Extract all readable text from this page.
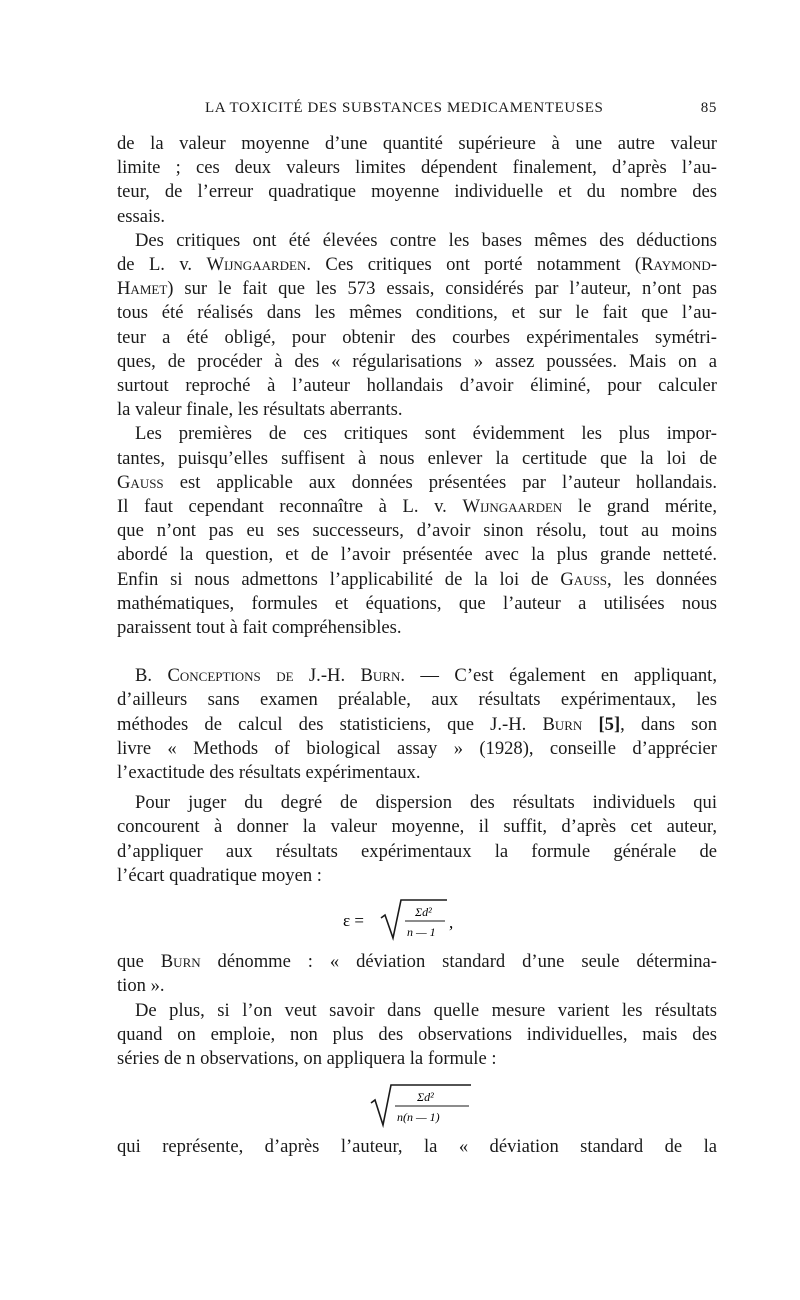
LA TOXICITÉ DES SUBSTANCES MEDICAMENTEUSES	85

de la valeur moyenne d’une quantité supérieure à une autre valeur
limite ; ces deux valeurs limites dépendent finalement, d’après l’au-
teur, de l’erreur quadratique moyenne individuelle et du nombre des
essais.

Des critiques ont été élevées contre les bases mêmes des déductions
de L. v. Wijngaarden. Ces critiques ont porté notamment (Raymond-
Hamet) sur le fait que les 573 essais, considérés par l’auteur, n’ont pas
tous été réalisés dans les mêmes conditions, et sur le fait que l’au-
teur a été obligé, pour obtenir des courbes expérimentales symétri-
ques, de procéder à des « régularisations » assez poussées. Mais on a
surtout reproché à l’auteur hollandais d’avoir éliminé, pour calculer
la valeur finale, les résultats aberrants.

Les premières de ces critiques sont évidemment les plus impor-
tantes, puisqu’elles suffisent à nous enlever la certitude que la loi de
Gauss est applicable aux données présentées par l’auteur hollandais.
Il faut cependant reconnaître à L. v. Wijngaarden le grand mérite,
que n’ont pas eu ses successeurs, d’avoir sinon résolu, tout au moins
abordé la question, et de l’avoir présentée avec la plus grande netteté.
Enfin si nous admettons l’applicabilité de la loi de Gauss, les données
mathématiques, formules et équations, que l’auteur a utilisées nous
paraissent tout à fait compréhensibles.

B. Conceptions de J.-H. Burn. — C’est également en appliquant,
d’ailleurs sans examen préalable, aux résultats expérimentaux, les
méthodes de calcul des statisticiens, que J.-H. Burn [5], dans son
livre « Methods of biological assay » (1928), conseille d’apprécier
l’exactitude des résultats expérimentaux.

Pour juger du degré de dispersion des résultats individuels qui
concourent à donner la valeur moyenne, il suffit, d’après cet auteur,
d’appliquer aux résultats expérimentaux la formule générale de
l’écart quadratique moyen :

ε =	Σd²
n — 1 ,

que Burn dénomme : « déviation standard d’une seule détermina-
tion ».

De plus, si l’on veut savoir dans quelle mesure varient les résultats
quand on emploie, non plus des observations individuelles, mais des
séries de n observations, on appliquera la formule :

Σd²
n(n — 1)

qui représente, d’après l’auteur, la « déviation standard de la
